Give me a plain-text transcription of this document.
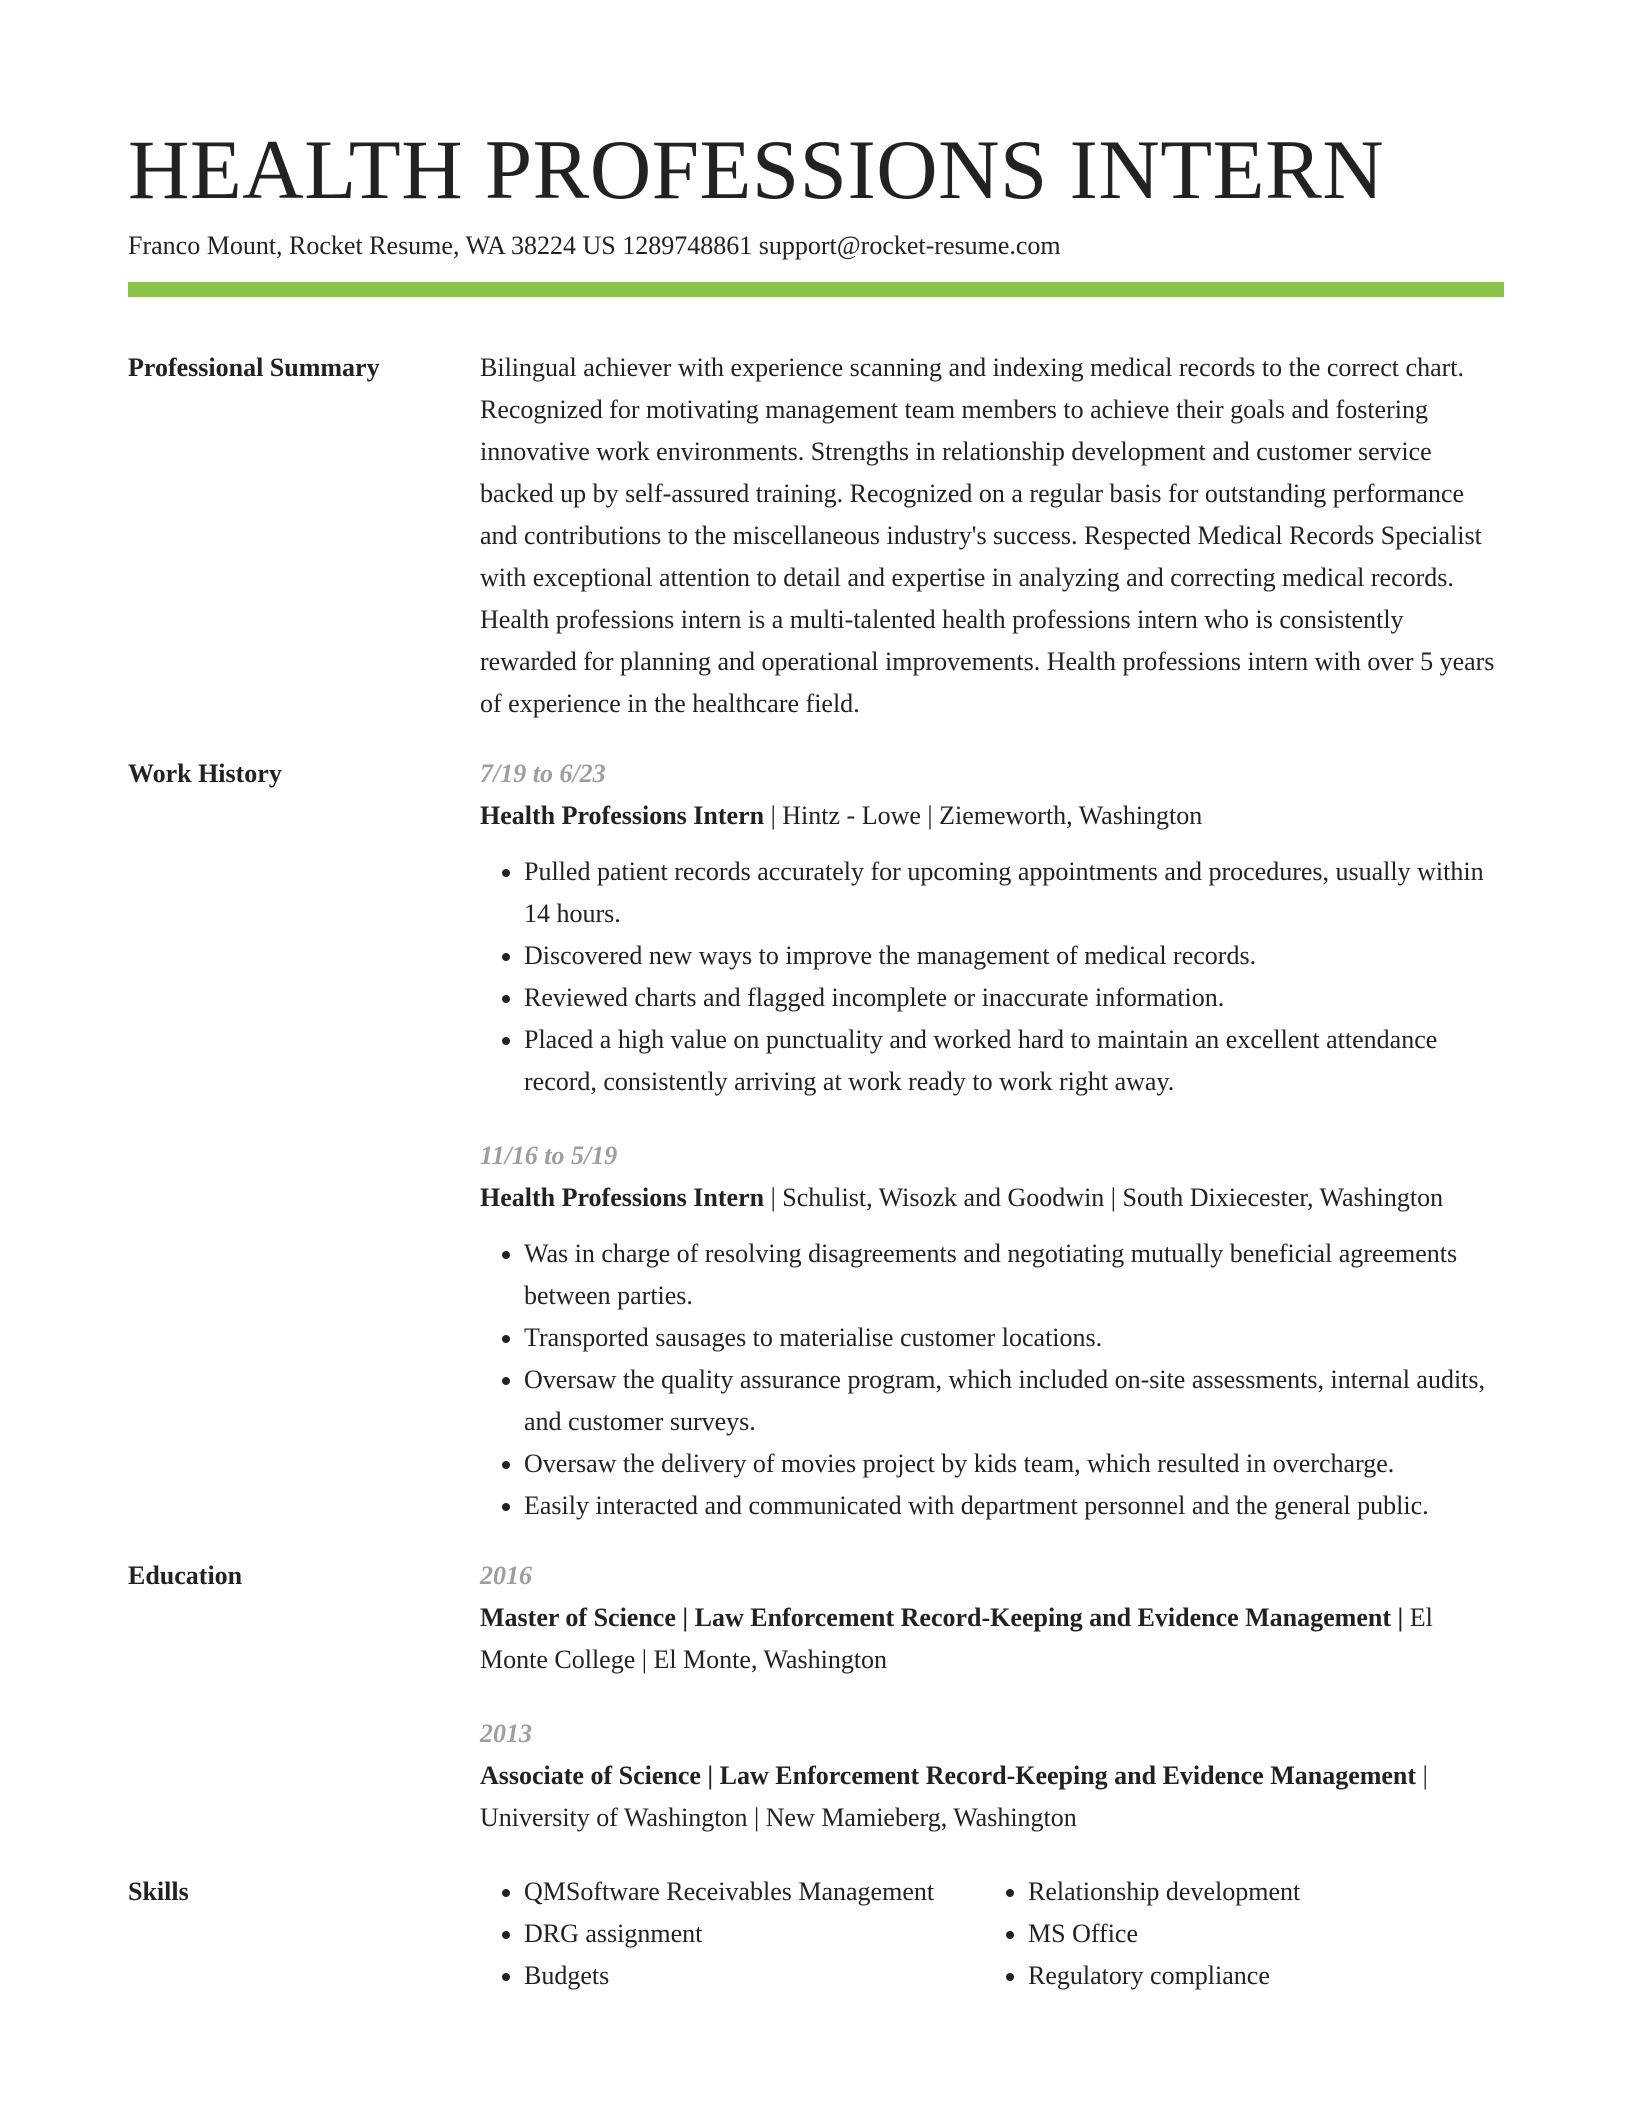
HEALTH PROFESSIONS INTERN
Franco Mount, Rocket Resume, WA 38224 US 1289748861 support@rocket-resume.com
Professional Summary	Bilingual achiever with experience scanning and indexing medical records to the correct chart. Recognized for motivating management team members to achieve their goals and fostering innovative work environments. Strengths in relationship development and customer service backed up by self-assured training. Recognized on a regular basis for outstanding performance and contributions to the miscellaneous industry's success. Respected Medical Records Specialist with exceptional attention to detail and expertise in analyzing and correcting medical records. Health professions intern is a multi-talented health professions intern who is consistently rewarded for planning and operational improvements. Health professions intern with over 5 years of experience in the healthcare field.

Work History	7/19 to 6/23

Health Professions Intern | Hintz - Lowe | Ziemeworth, Washington

• Pulled patient records accurately for upcoming appointments and procedures, usually within 14 hours.
• Discovered new ways to improve the management of medical records.
• Reviewed charts and flagged incomplete or inaccurate information.
• Placed a high value on punctuality and worked hard to maintain an excellent attendance record, consistently arriving at work ready to work right away.
11/16 to 5/19

Health Professions Intern | Schulist, Wisozk and Goodwin | South Dixiecester, Washington

• Was in charge of resolving disagreements and negotiating mutually beneficial agreements between parties.
• Transported sausages to materialise customer locations.
• Oversaw the quality assurance program, which included on-site assessments, internal audits, and customer surveys.
• Oversaw the delivery of movies project by kids team, which resulted in overcharge.
• Easily interacted and communicated with department personnel and the general public.
Education	2016

Master of Science | Law Enforcement Record-Keeping and Evidence Management | El Monte College | El Monte, Washington

2013

Associate of Science | Law Enforcement Record-Keeping and Evidence Management | University of Washington | New Mamieberg, Washington

Skills
•	QMSoftware Receivables Management
• DRG assignment
• Budgets
• Relationship development
• MS Office
• Regulatory compliance
